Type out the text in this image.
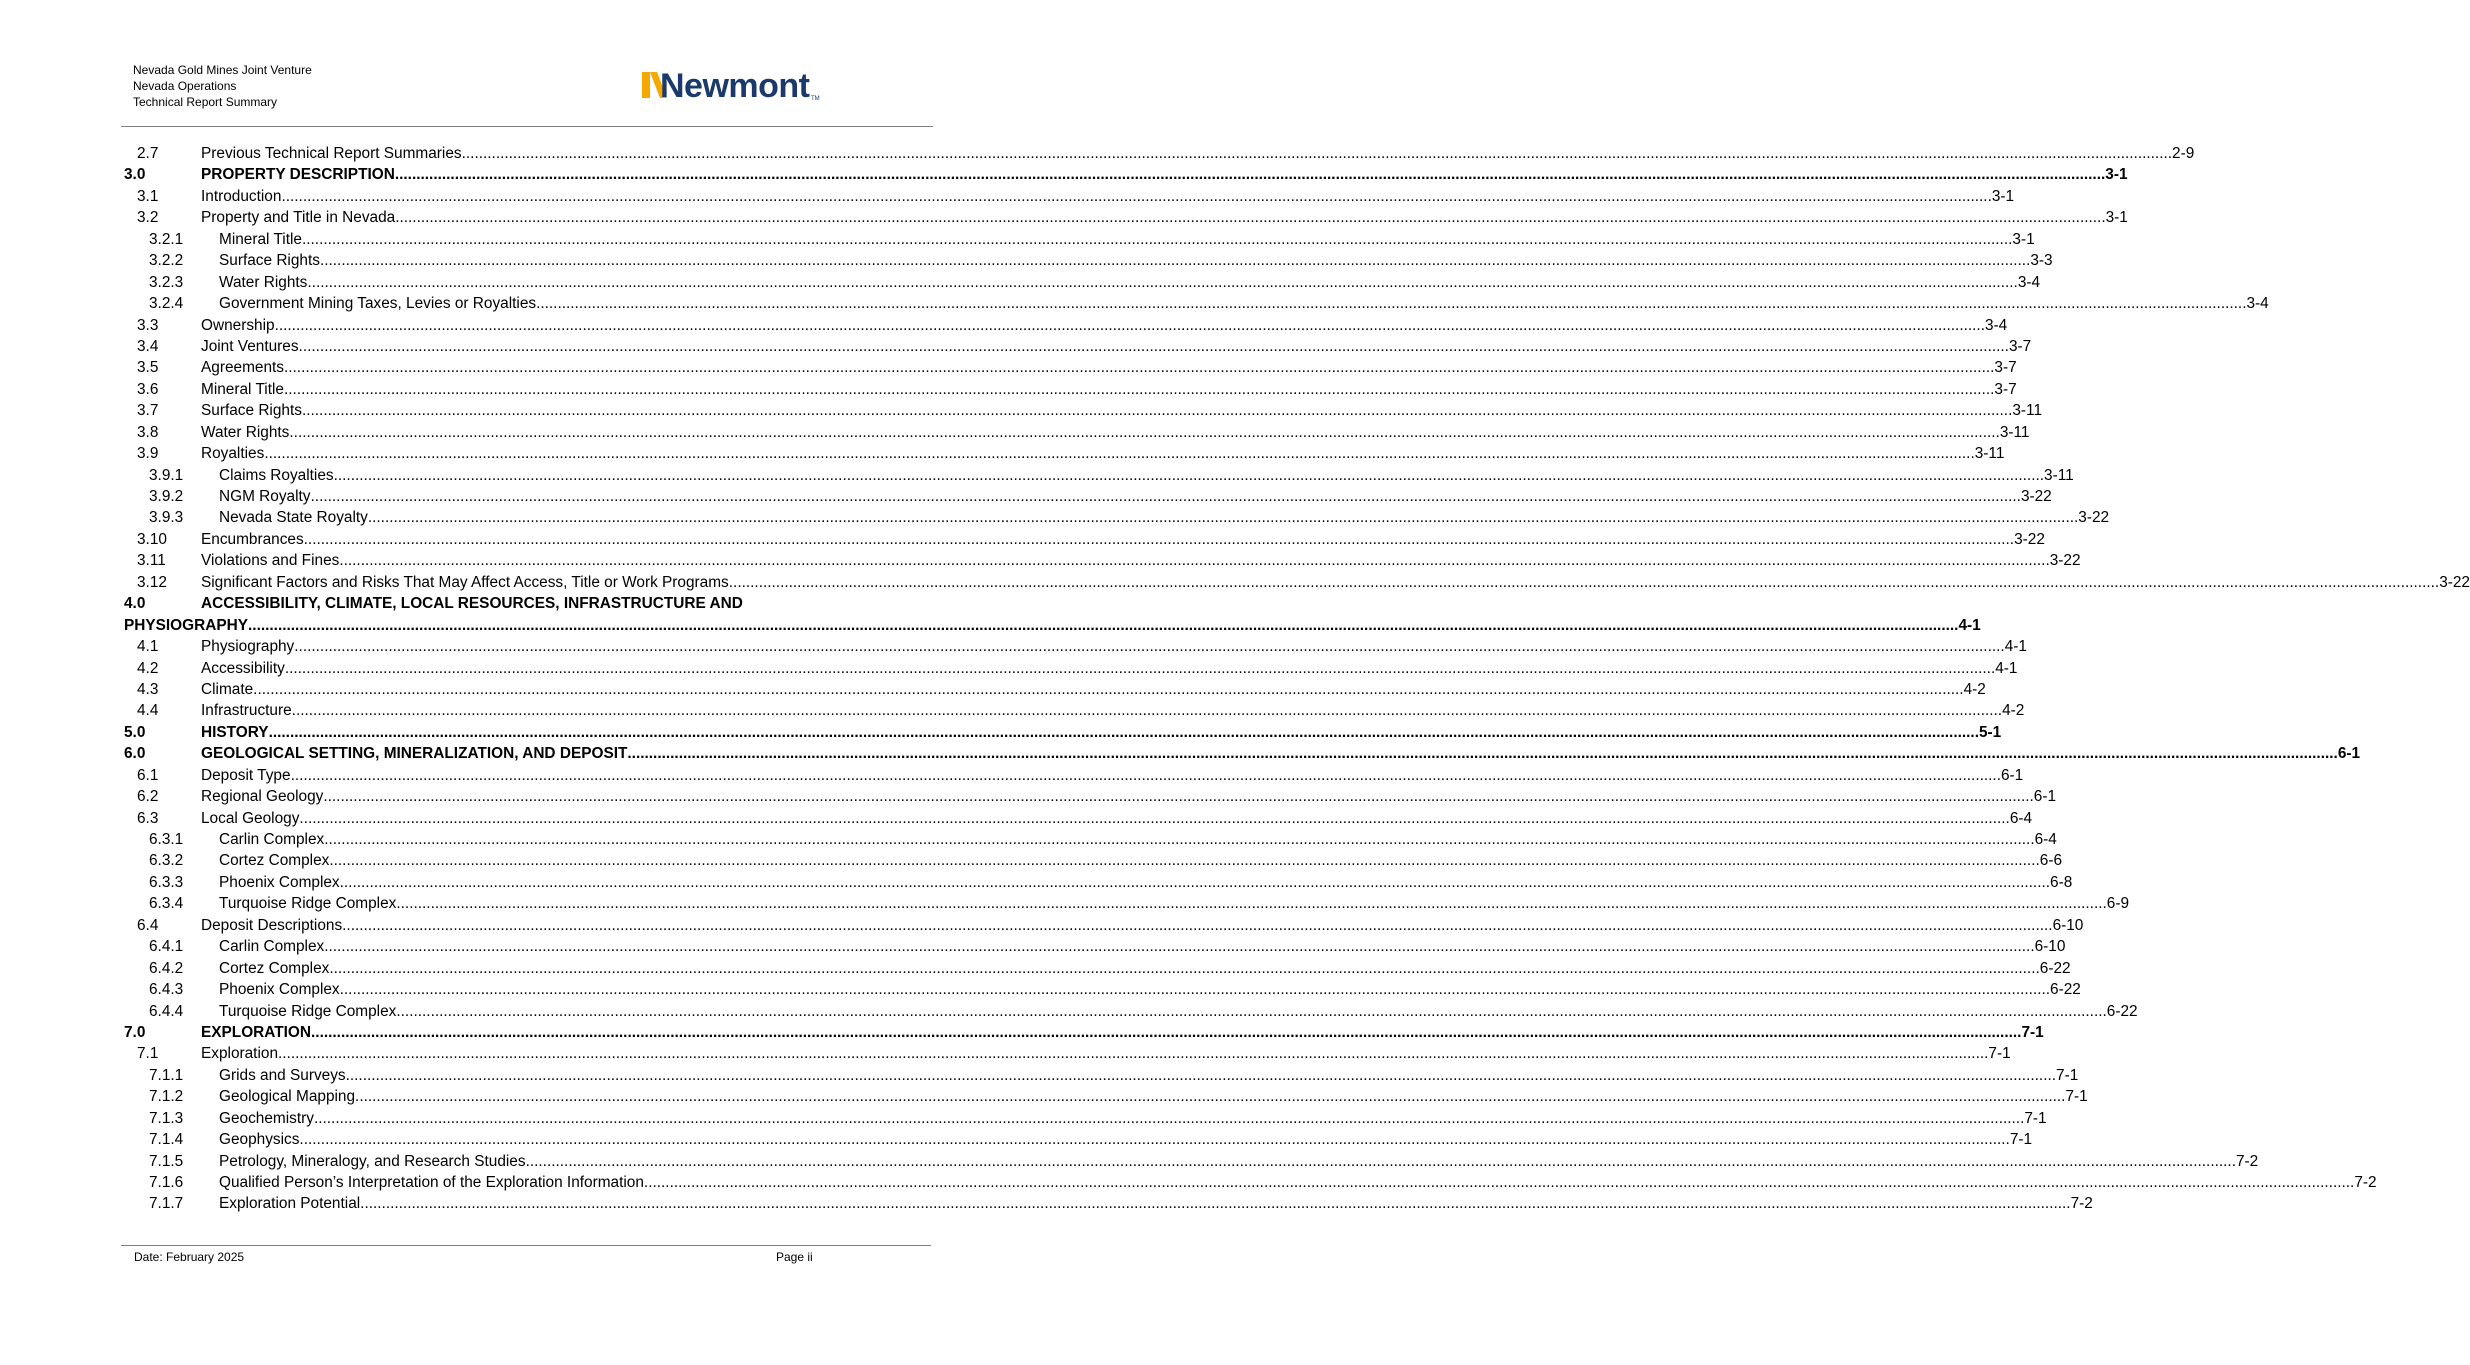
Nevada Gold Mines Joint Venture
Nevada Operations
Technical Report Summary	Newmont TM
2.7	Previous Technical Report Summaries ................................................................................................................................................................................................................................................................................................................................................................................................................ 2-9
3.0	PROPERTY DESCRIPTION ................................................................................................................................................................................................................................................................................................................................................................................................................ 3-1
3.1	Introduction ................................................................................................................................................................................................................................................................................................................................................................................................................ 3-1
3.2	Property and Title in Nevada ................................................................................................................................................................................................................................................................................................................................................................................................................ 3-1
3.2.1 Mineral Title ................................................................................................................................................................................................................................................................................................................................................................................................................ 3-1
3.2.2 Surface Rights ................................................................................................................................................................................................................................................................................................................................................................................................................ 3-3
3.2.3 Water Rights ................................................................................................................................................................................................................................................................................................................................................................................................................ 3-4
3.2.4 Government Mining Taxes, Levies or Royalties ................................................................................................................................................................................................................................................................................................................................................................................................................ 3-4
3.3	Ownership ................................................................................................................................................................................................................................................................................................................................................................................................................ 3-4
3.4	Joint Ventures ................................................................................................................................................................................................................................................................................................................................................................................................................ 3-7
3.5	Agreements ................................................................................................................................................................................................................................................................................................................................................................................................................ 3-7
3.6	Mineral Title ................................................................................................................................................................................................................................................................................................................................................................................................................ 3-7
3.7	Surface Rights ................................................................................................................................................................................................................................................................................................................................................................................................................ 3-11
3.8	Water Rights ................................................................................................................................................................................................................................................................................................................................................................................................................ 3-11
3.9	Royalties ................................................................................................................................................................................................................................................................................................................................................................................................................ 3-11
3.9.1 Claims Royalties ................................................................................................................................................................................................................................................................................................................................................................................................................ 3-11
3.9.2 NGM Royalty ................................................................................................................................................................................................................................................................................................................................................................................................................ 3-22
3.9.3 Nevada State Royalty ................................................................................................................................................................................................................................................................................................................................................................................................................ 3-22
3.10 Encumbrances ................................................................................................................................................................................................................................................................................................................................................................................................................ 3-22
3.11 Violations and Fines ................................................................................................................................................................................................................................................................................................................................................................................................................ 3-22
3.12 Significant Factors and Risks That May Affect Access, Title or Work Programs ................................................................................................................................................................................................................................................................................................................................................................................................................ 3-22
4.0	ACCESSIBILITY, CLIMATE, LOCAL RESOURCES, INFRASTRUCTURE AND
PHYSIOGRAPHY ................................................................................................................................................................................................................................................................................................................................................................................................................ 4-1
4.1	Physiography ................................................................................................................................................................................................................................................................................................................................................................................................................ 4-1
4.2	Accessibility ................................................................................................................................................................................................................................................................................................................................................................................................................ 4-1
4.3	Climate ................................................................................................................................................................................................................................................................................................................................................................................................................ 4-2
4.4	Infrastructure ................................................................................................................................................................................................................................................................................................................................................................................................................ 4-2
5.0	HISTORY ................................................................................................................................................................................................................................................................................................................................................................................................................ 5-1
6.0	GEOLOGICAL SETTING, MINERALIZATION, AND DEPOSIT ................................................................................................................................................................................................................................................................................................................................................................................................................ 6-1
6.1	Deposit Type ................................................................................................................................................................................................................................................................................................................................................................................................................ 6-1
6.2	Regional Geology ................................................................................................................................................................................................................................................................................................................................................................................................................ 6-1
6.3	Local Geology ................................................................................................................................................................................................................................................................................................................................................................................................................ 6-4
6.3.1 Carlin Complex ................................................................................................................................................................................................................................................................................................................................................................................................................ 6-4
6.3.2 Cortez Complex ................................................................................................................................................................................................................................................................................................................................................................................................................ 6-6
6.3.3 Phoenix Complex ................................................................................................................................................................................................................................................................................................................................................................................................................ 6-8
6.3.4 Turquoise Ridge Complex ................................................................................................................................................................................................................................................................................................................................................................................................................ 6-9
6.4	Deposit Descriptions ................................................................................................................................................................................................................................................................................................................................................................................................................ 6-10
6.4.1 Carlin Complex ................................................................................................................................................................................................................................................................................................................................................................................................................ 6-10
6.4.2 Cortez Complex ................................................................................................................................................................................................................................................................................................................................................................................................................ 6-22
6.4.3 Phoenix Complex ................................................................................................................................................................................................................................................................................................................................................................................................................ 6-22
6.4.4 Turquoise Ridge Complex ................................................................................................................................................................................................................................................................................................................................................................................................................ 6-22
7.0	EXPLORATION ................................................................................................................................................................................................................................................................................................................................................................................................................ 7-1
7.1	Exploration ................................................................................................................................................................................................................................................................................................................................................................................................................ 7-1
7.1.1 Grids and Surveys ................................................................................................................................................................................................................................................................................................................................................................................................................ 7-1
7.1.2 Geological Mapping ................................................................................................................................................................................................................................................................................................................................................................................................................ 7-1
7.1.3 Geochemistry ................................................................................................................................................................................................................................................................................................................................................................................................................ 7-1
7.1.4 Geophysics ................................................................................................................................................................................................................................................................................................................................................................................................................ 7-1
7.1.5 Petrology, Mineralogy, and Research Studies ................................................................................................................................................................................................................................................................................................................................................................................................................ 7-2
7.1.6 Qualified Person’s Interpretation of the Exploration Information ................................................................................................................................................................................................................................................................................................................................................................................................................ 7-2
7.1.7 Exploration Potential ................................................................................................................................................................................................................................................................................................................................................................................................................ 7-2
Date: February 2025	Page ii
